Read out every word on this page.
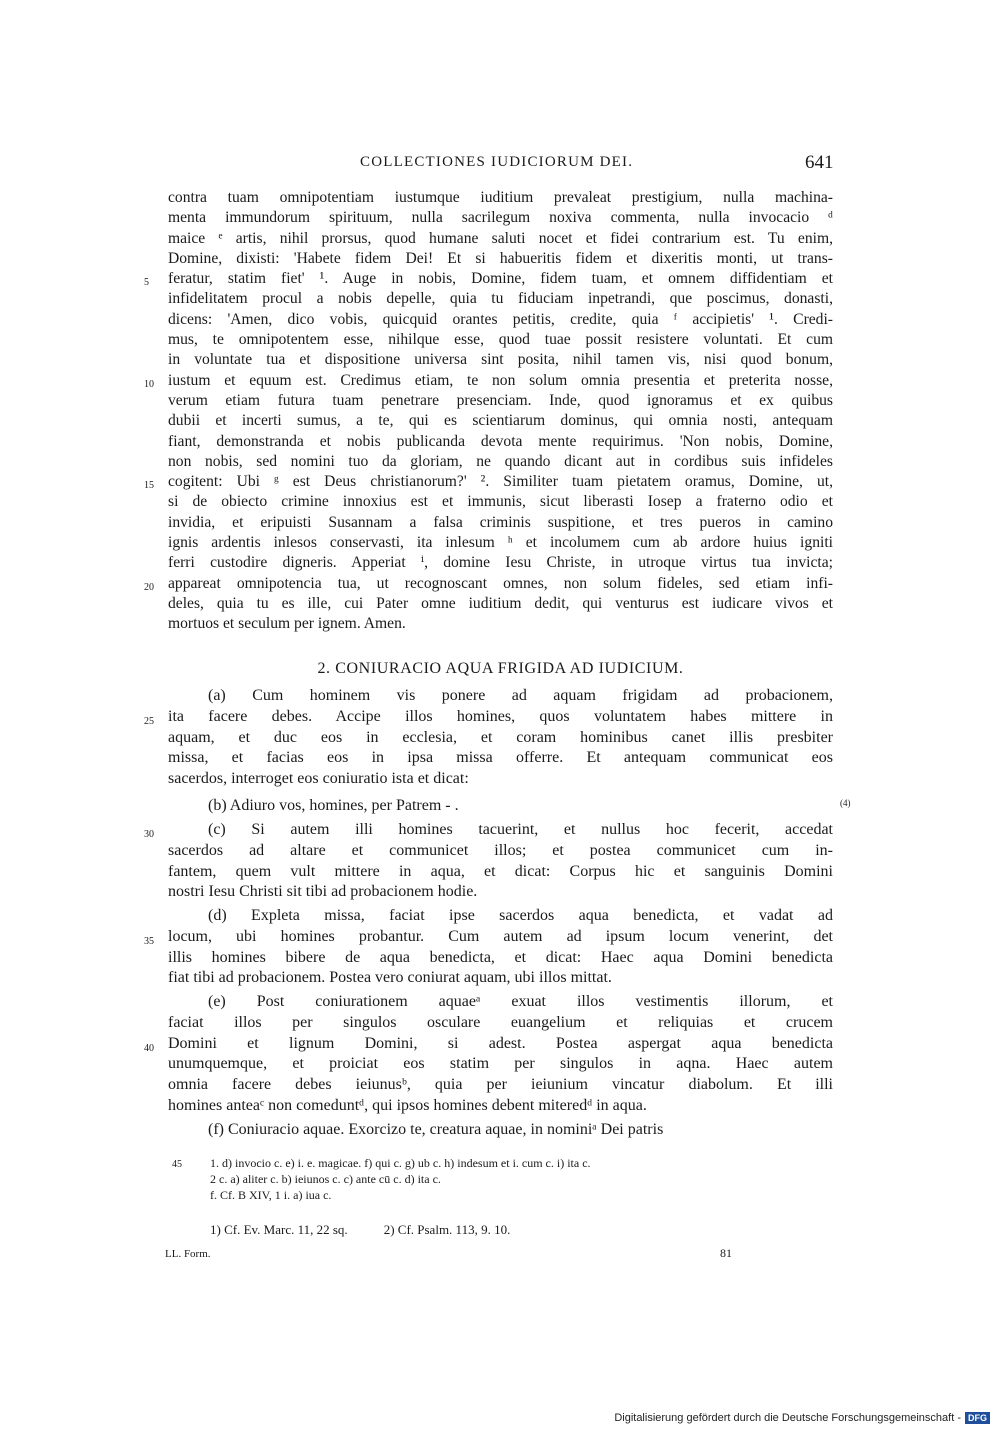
COLLECTIONES IUDICIORUM DEI.	641
contra tuam omnipotentiam iustumque iuditium prevaleat prestigium, nulla machina-
menta immundorum spirituum, nulla sacrilegum noxiva commenta, nulla invocacio ᵈ
maice ᵉ artis, nihil prorsus, quod humane saluti nocet et fidei contrarium est. Tu enim,
Domine, dixisti: 'Habete fidem Dei! Et si habueritis fidem et dixeritis monti, ut trans-
5 feratur, statim fiet' ¹. Auge in nobis, Domine, fidem tuam, et omnem diffidentiam et
infidelitatem procul a nobis depelle, quia tu fiduciam inpetrandi, que poscimus, donasti,
dicens: 'Amen, dico vobis, quicquid orantes petitis, credite, quia ᶠ accipietis' ¹. Credi-
mus, te omnipotentem esse, nihilque esse, quod tuae possit resistere voluntati. Et cum
in voluntate tua et dispositione universa sint posita, nihil tamen vis, nisi quod bonum,
10 iustum et equum est. Credimus etiam, te non solum omnia presentia et preterita nosse,
verum etiam futura tuam penetrare presenciam. Inde, quod ignoramus et ex quibus
dubii et incerti sumus, a te, qui es scientiarum dominus, qui omnia nosti, antequam
fiant, demonstranda et nobis publicanda devota mente requirimus. 'Non nobis, Domine,
non nobis, sed nomini tuo da gloriam, ne quando dicant aut in cordibus suis infideles
15 cogitent: Ubi ᵍ est Deus christianorum?' ². Similiter tuam pietatem oramus, Domine, ut,
si de obiecto crimine innoxius est et immunis, sicut liberasti Iosep a fraterno odio et
invidia, et eripuisti Susannam a falsa criminis suspitione, et tres pueros in camino
ignis ardentis inlesos conservasti, ita inlesum ʰ et incolumem cum ab ardore huius igniti
ferri custodire digneris. Apperiat ⁱ, domine Iesu Christe, in utroque virtus tua invicta;
20 appareat omnipotencia tua, ut recognoscant omnes, non solum fideles, sed etiam infi-
deles, quia tu es ille, cui Pater omne iuditium dedit, qui venturus est iudicare vivos et
mortuos et seculum per ignem. Amen.
2. CONIURACIO AQUA FRIGIDA AD IUDICIUM.
(a) Cum hominem vis ponere ad aquam frigidam ad probacionem,
25 ita facere debes. Accipe illos homines, quos voluntatem habes mittere in
aquam, et duc eos in ecclesia, et coram hominibus canet illis presbiter
missa, et facias eos in ipsa missa offerre. Et antequam communicat eos
sacerdos, interroget eos coniuratio ista et dicat:
(b) Adiuro vos, homines, per Patrem - .	(4)
30	(c) Si autem illi homines tacuerint, et nullus hoc fecerit, accedat
sacerdos ad altare et communicet illos; et postea communicet cum in-
fantem, quem vult mittere in aqua, et dicat: Corpus hic et sanguinis Domini
nostri Iesu Christi sit tibi ad probacionem hodie.
(d) Expleta missa, faciat ipse sacerdos aqua benedicta, et vadat ad
35 locum, ubi homines probantur. Cum autem ad ipsum locum venerint, det
illis homines bibere de aqua benedicta, et dicat: Haec aqua Domini benedicta
fiat tibi ad probacionem. Postea vero coniurat aquam, ubi illos mittat.
(e) Post coniurationem aquaeᵃ exuat illos vestimentis illorum, et
faciat illos per singulos osculare euangelium et reliquias et crucem
40 Domini et lignum Domini, si adest. Postea aspergat aqua benedicta
unumquemque, et proiciat eos statim per singulos in aqna. Haec autem
omnia facere debes ieiunusᵇ, quia per ieiunium vincatur diabolum. Et illi
homines anteaᶜ non comeduntᵈ, qui ipsos homines debent miteredᵈ in aqua.
(f) Coniuracio aquae. Exorcizo te, creatura aquae, in nominiᵃ Dei patris
45 1. d) invocio c. e) i. e. magicae. f) qui c. g) ub c. h) indesum et i. cum c. i) ita c.
2 c. a) aliter c. b) ieiunos c. c) ante cū c. d) ita c.
f. Cf. B XIV, 1 i. a) iua c.
1) Cf. Ev. Marc. 11, 22 sq.	2) Cf. Psalm. 113, 9. 10.
LL. Form.	81
Digitalisierung gefördert durch die Deutsche Forschungsgemeinschaft - DFG
